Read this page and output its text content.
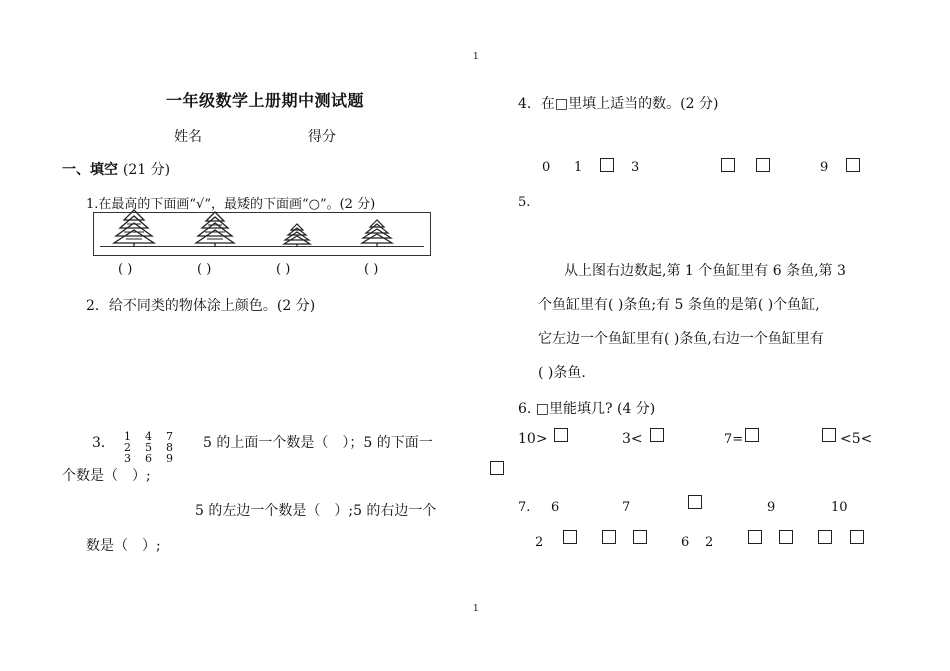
1
1
一年级数学上册期中测试题
姓名	得分
一、填空 (21 分)
1.在最高的下面画“√”，最矮的下面画“○”。(2 分)
( )	( )	( )	( )
2．给不同类的物体涂上颜色。(2 分)
3． 1 4 7
2 5 8
3 6 9
5 的上面一个数是（　）；5 的下面一
个数是（　）;
5 的左边一个数是（　）;5 的右边一个
数是（　）;
4．在□里填上适当的数。(2 分)
0 1	3	9
5.
从上图右边数起,第 1 个鱼缸里有 6 条鱼,第 3
个鱼缸里有( )条鱼;有 5 条鱼的是第( )个鱼缸,
它左边一个鱼缸里有( )条鱼,右边一个鱼缸里有
( )条鱼.
6. □里能填几? (4 分)
10>	3<	7=	<5<
7. 6	7	9	10
2	6 2
